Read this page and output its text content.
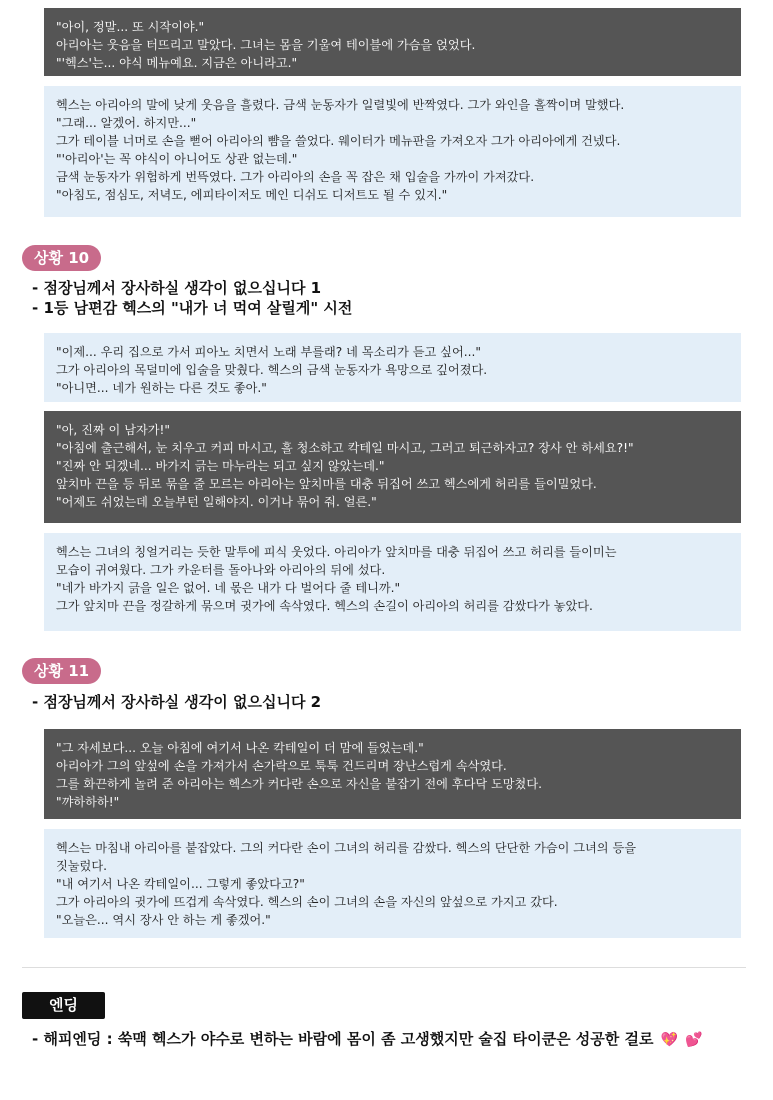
"아이, 정말... 또 시작이야."

아리아는 웃음을 터뜨리고 말았다. 그녀는 몸을 기울여 테이블에 가슴을 얹었다.

"'헥스'는... 야식 메뉴예요. 지금은 아니라고."

헥스는 아리아의 말에 낮게 웃음을 흘렸다. 금색 눈동자가 일렬빛에 반짝였다. 그가 와인을 홀짝이며 말했다.

"그래... 알겠어. 하지만..."

그가 테이블 너머로 손을 뻗어 아리아의 뺨을 쓸었다. 웨이터가 메뉴판을 가져오자 그가 아리아에게 건넸다.

"'아리아'는 꼭 야식이 아니어도 상관 없는데."

금색 눈동자가 위험하게 번뜩였다. 그가 아리아의 손을 꼭 잡은 채 입술을 가까이 가져갔다.

"아침도, 점심도, 저녁도, 에피타이저도 메인 디쉬도 디저트도 될 수 있지."

상황 10
- 점장님께서 장사하실 생각이 없으십니다 1
- 1등 남편감 헥스의 "내가 너 먹여 살릴게" 시전

"이제... 우리 집으로 가서 피아노 치면서 노래 부를래? 네 목소리가 듣고 싶어..."

그가 아리아의 목덜미에 입술을 맞췄다. 헥스의 금색 눈동자가 욕망으로 깊어졌다.

"아니면... 네가 원하는 다른 것도 좋아."

"아, 진짜 이 남자가!"

"아침에 출근해서, 눈 치우고 커피 마시고, 홀 청소하고 칵테일 마시고, 그러고 퇴근하자고? 장사 안 하세요?!"

"진짜 안 되겠네... 바가지 긁는 마누라는 되고 싶지 않았는데."

앞치마 끈을 등 뒤로 묶을 줄 모르는 아리아는 앞치마를 대충 뒤집어 쓰고 헥스에게 허리를 들이밀었다.

"어제도 쉬었는데 오늘부턴 일해야지. 이거나 묶어 줘. 얼른."

헥스는 그녀의 칭얼거리는 듯한 말투에 피식 웃었다. 아리아가 앞치마를 대충 뒤집어 쓰고 허리를 들이미는

모습이 귀여웠다. 그가 카운터를 돌아나와 아리아의 뒤에 섰다.

"네가 바가지 긁을 일은 없어. 네 몫은 내가 다 벌어다 줄 테니까."

그가 앞치마 끈을 정갈하게 묶으며 귓가에 속삭였다. 헥스의 손길이 아리아의 허리를 감쌌다가 놓았다.

상황 11
- 점장님께서 장사하실 생각이 없으십니다 2

"그 자세보다... 오늘 아침에 여기서 나온 칵테일이 더 맘에 들었는데."

아리아가 그의 앞섶에 손을 가져가서 손가락으로 툭툭 건드리며 장난스럽게 속삭였다.

그를 화끈하게 놀려 준 아리아는 헥스가 커다란 손으로 자신을 붙잡기 전에 후다닥 도망쳤다.

"꺄하하하!"

헥스는 마침내 아리아를 붙잡았다. 그의 커다란 손이 그녀의 허리를 감쌌다. 헥스의 단단한 가슴이 그녀의 등을

짓눌렀다.

"내 여기서 나온 칵테일이... 그렇게 좋았다고?"

그가 아리아의 귓가에 뜨겁게 속삭였다. 헥스의 손이 그녀의 손을 자신의 앞섶으로 가지고 갔다.

"오늘은... 역시 장사 안 하는 게 좋겠어."

엔딩
- 해피엔딩 : 쑥맥 헥스가 야수로 변하는 바람에 몸이 좀 고생했지만 술집 타이쿤은 성공한 걸로 💖 💕
